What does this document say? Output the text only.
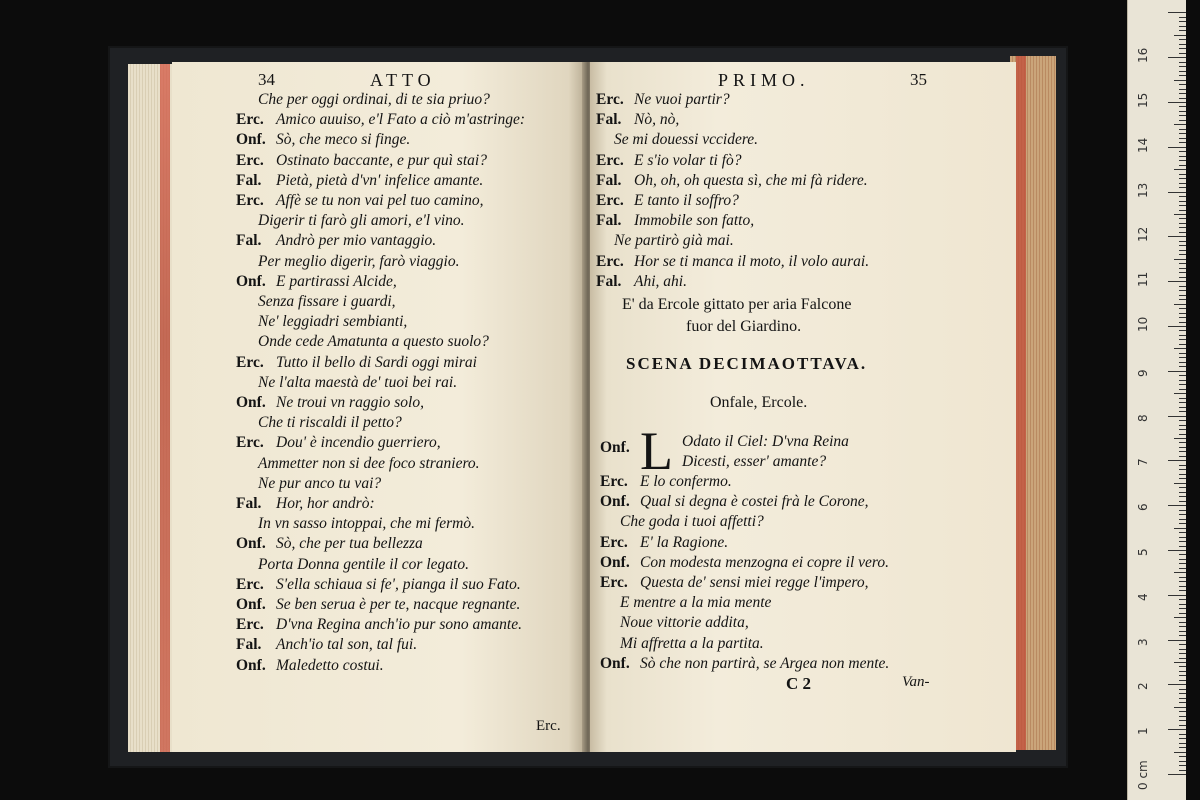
34	ATTO
Che per oggi ordinai, di te sia priuo?
Erc. Amico auuiso, e'l Fato a ciò m'astringe:
Onf. Sò, che meco si finge.
Erc. Ostinato baccante, e pur quì stai?
Fal. Pietà, pietà d'vn' infelice amante.
Erc. Affè se tu non vai pel tuo camino,
Digerir ti farò gli amori, e'l vino.
Fal. Andrò per mio vantaggio.
Per meglio digerir, farò viaggio.
Onf. E partirassi Alcide,
Senza fissare i guardi,
Ne' leggiadri sembianti,
Onde cede Amatunta a questo suolo?
Erc. Tutto il bello di Sardi oggi mirai
Ne l'alta maestà de' tuoi bei rai.
Onf. Ne troui vn raggio solo,
Che ti riscaldi il petto?
Erc. Dou' è incendio guerriero,
Ammetter non si dee foco straniero.
Ne pur anco tu vai?
Fal. Hor, hor andrò:
In vn sasso intoppai, che mi fermò.
Onf. Sò, che per tua bellezza
Porta Donna gentile il cor legato.
Erc. S'ella schiaua si fe', pianga il suo Fato.
Onf. Se ben serua è per te, nacque regnante.
Erc. D'vna Regina anch'io pur sono amante.
Fal. Anch'io tal son, tal fui.
Onf. Maledetto costui.
Erc.
PRIMO.	35
Erc. Ne vuoi partir?
Fal. Nò, nò,
Se mi douessi vccidere.
Erc. E s'io volar ti fò?
Fal. Oh, oh, oh questa sì, che mi fà ridere.
Erc. E tanto il soffro?
Fal. Immobile son fatto,
Ne partirò già mai.
Erc. Hor se ti manca il moto, il volo aurai.
Fal. Ahi, ahi.
E' da Ercole gittato per aria Falcone
fuor del Giardino.
SCENA DECIMAOTTAVA.
Onfale, Ercole.
Onf. L Odato il Ciel: D'vna Reina
Dicesti, esser' amante?
Erc. E lo confermo.
Onf. Qual si degna è costei frà le Corone,
Che goda i tuoi affetti?
Erc. E' la Ragione.
Onf. Con modesta menzogna ei copre il vero.
Erc. Questa de' sensi miei regge l'impero,
E mentre a la mia mente
Noue vittorie addita,
Mi affretta a la partita.
Onf. Sò che non partirà, se Argea non mente.
C 2	Van-
0 cm
1
2
3
4
5
6
7
8
9
10
11
12
13
14
15
16
